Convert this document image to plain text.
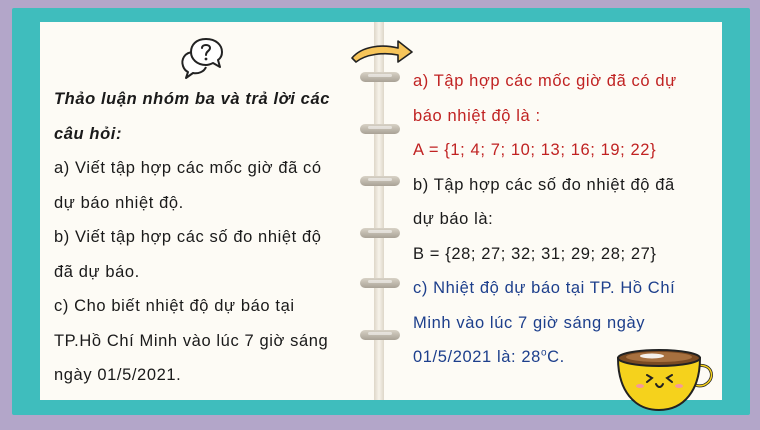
Thảo luận nhóm ba và trả lời các
câu hỏi:
a) Viết tập hợp các mốc giờ đã có
dự báo nhiệt độ.
b) Viết tập hợp các số đo nhiệt độ
đã dự báo.
c) Cho biết nhiệt độ dự báo tại
TP.Hồ Chí Minh vào lúc 7 giờ sáng
ngày 01/5/2021.
a) Tập hợp các mốc giờ đã có dự
báo nhiệt độ là :
A = {1; 4; 7; 10; 13; 16; 19; 22}
b) Tập hợp các số đo nhiệt độ đã
dự báo là:
B = {28; 27; 32; 31; 29; 28; 27}
c) Nhiệt độ dự báo tại TP. Hồ Chí
Minh vào lúc 7 giờ sáng ngày
01/5/2021 là: 28$^o$C.
